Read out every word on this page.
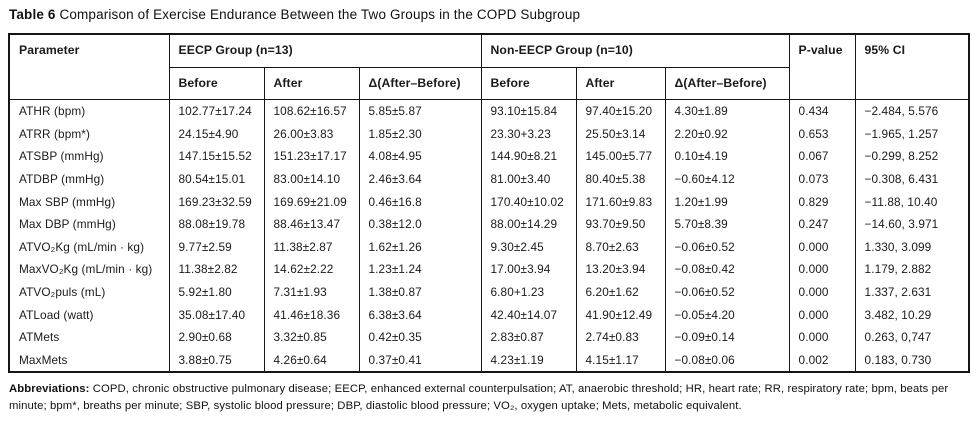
Table 6 Comparison of Exercise Endurance Between the Two Groups in the COPD Subgroup

Parameter	EECP Group (n=13)			Non-EECP Group (n=10)			P-value	95% CI
	Before	After	Δ(After–Before)	Before	After	Δ(After–Before)		
ATHR (bpm)	102.77±17.24	108.62±16.57	5.85±5.87	93.10±15.84	97.40±15.20	4.30±1.89	0.434	−2.484, 5.576
ATRR (bpm*)	24.15±4.90	26.00±3.83	1.85±2.30	23.30+3.23	25.50±3.14	2.20±0.92	0.653	−1.965, 1.257
ATSBP (mmHg)	147.15±15.52	151.23±17.17	4.08±4.95	144.90±8.21	145.00±5.77	0.10±4.19	0.067	−0.299, 8.252
ATDBP (mmHg)	80.54±15.01	83.00±14.10	2.46±3.64	81.00±3.40	80.40±5.38	−0.60±4.12	0.073	−0.308, 6.431
Max SBP (mmHg)	169.23±32.59	169.69±21.09	0.46±16.8	170.40±10.02	171.60±9.83	1.20±1.99	0.829	−11.88, 10.40
Max DBP (mmHg)	88.08±19.78	88.46±13.47	0.38±12.0	88.00±14.29	93.70±9.50	5.70±8.39	0.247	−14.60, 3.971
ATVO₂Kg (mL/min · kg)	9.77±2.59	11.38±2.87	1.62±1.26	9.30±2.45	8.70±2.63	−0.06±0.52	0.000	1.330, 3.099
MaxVO₂Kg (mL/min · kg)	11.38±2.82	14.62±2.22	1.23±1.24	17.00±3.94	13.20±3.94	−0.08±0.42	0.000	1.179, 2.882
ATVO₂puls (mL)	5.92±1.80	7.31±1.93	1.38±0.87	6.80+1.23	6.20±1.62	−0.06±0.52	0.000	1.337, 2.631
ATLoad (watt)	35.08±17.40	41.46±18.36	6.38±3.64	42.40±14.07	41.90±12.49	−0.05±4.20	0.000	3.482, 10.29
ATMets	2.90±0.68	3.32±0.85	0.42±0.35	2.83±0.87	2.74±0.83	−0.09±0.14	0.000	0.263, 0,747
MaxMets	3.88±0.75	4.26±0.64	0.37±0.41	4.23±1.19	4.15±1.17	−0.08±0.06	0.002	0.183, 0.730

Abbreviations: COPD, chronic obstructive pulmonary disease; EECP, enhanced external counterpulsation; AT, anaerobic threshold; HR, heart rate; RR, respiratory rate; bpm, beats per minute; bpm*, breaths per minute; SBP, systolic blood pressure; DBP, diastolic blood pressure; VO₂, oxygen uptake; Mets, metabolic equivalent.
